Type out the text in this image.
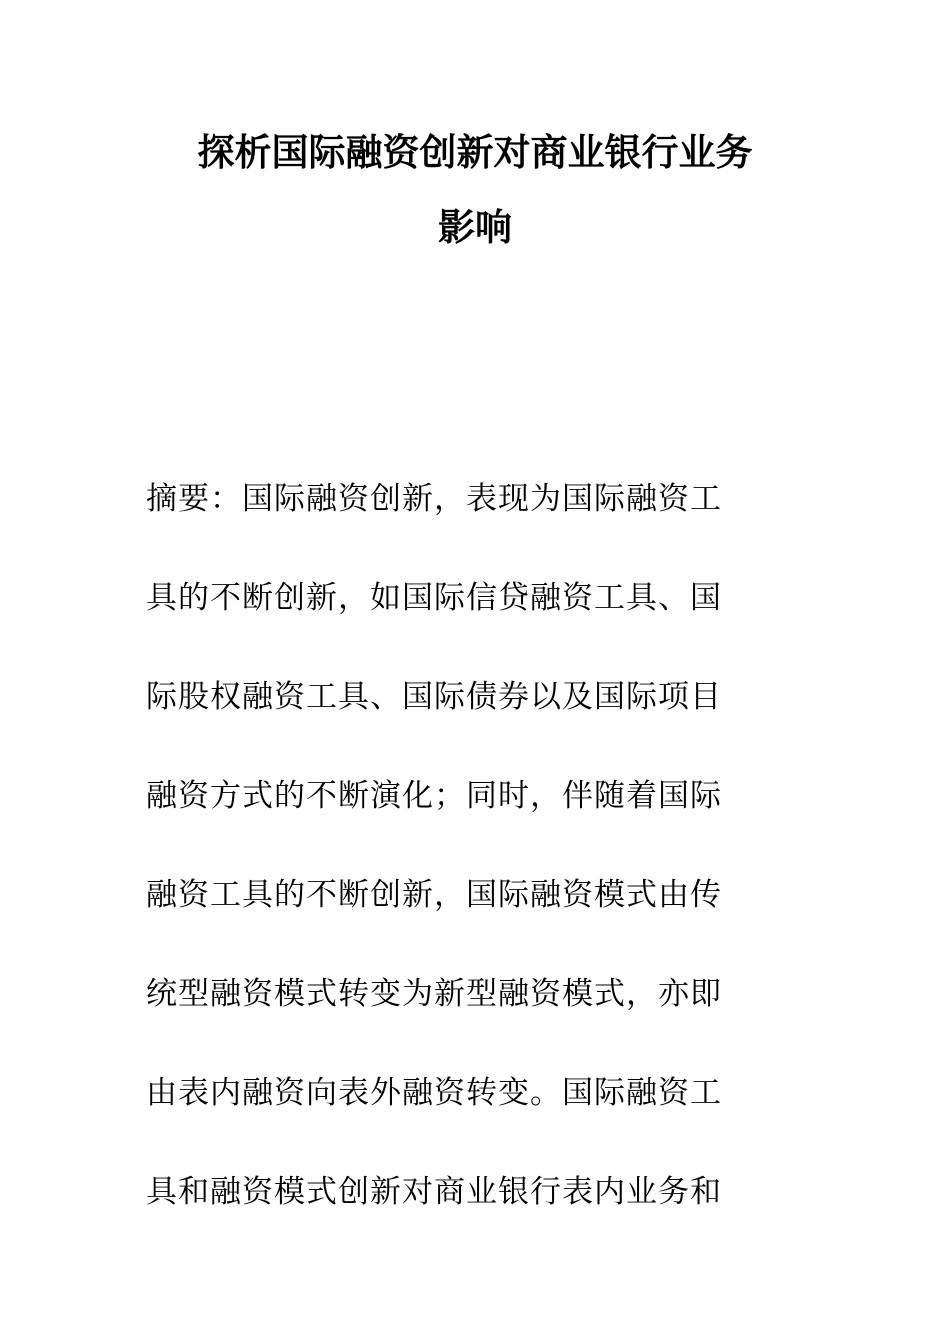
探析国际融资创新对商业银行业务
影响
摘要：国际融资创新，表现为国际融资工
具的不断创新，如国际信贷融资工具、国
际股权融资工具、国际债券以及国际项目
融资方式的不断演化；同时，伴随着国际
融资工具的不断创新，国际融资模式由传
统型融资模式转变为新型融资模式，亦即
由表内融资向表外融资转变。国际融资工
具和融资模式创新对商业银行表内业务和
